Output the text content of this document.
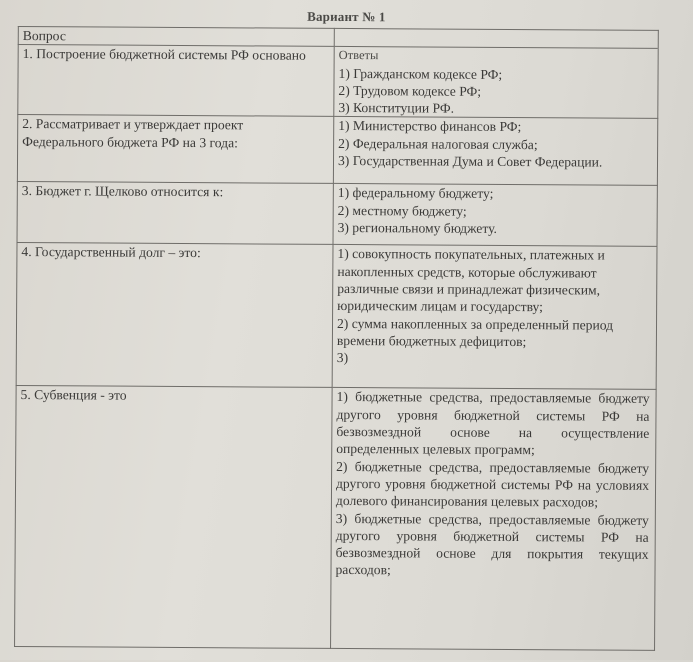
Вариант № 1
Вопрос	
1. Построение бюджетной системы РФ основано	Ответы
1) Гражданском кодексе РФ;
2) Трудовом кодексе РФ;
3) Конституции РФ.

2. Рассматривает и утверждает проект Федерального бюджета РФ на 3 года:	1) Министерство финансов РФ;
2) Федеральная налоговая служба;
3) Государственная Дума и Совет Федерации.

3. Бюджет г. Щелково относится к:	1) федеральному бюджету;
2) местному бюджету;
3) региональному бюджету.

4. Государственный долг – это:	1) совокупность покупательных, платежных и накопленных средств, которые обслуживают различные связи и принадлежат физическим, юридическим лицам и государству;
2) сумма накопленных за определенный период времени бюджетных дефицитов;
3)

5. Субвенция - это	1) бюджетные средства, предоставляемые бюджету другого уровня бюджетной системы РФ на безвозмездной основе на осуществление определенных целевых программ;
2) бюджетные средства, предоставляемые бюджету другого уровня бюджетной системы РФ на условиях долевого финансирования целевых расходов;
3) бюджетные средства, предоставляемые бюджету другого уровня бюджетной системы РФ на безвозмездной основе для покрытия текущих расходов;
